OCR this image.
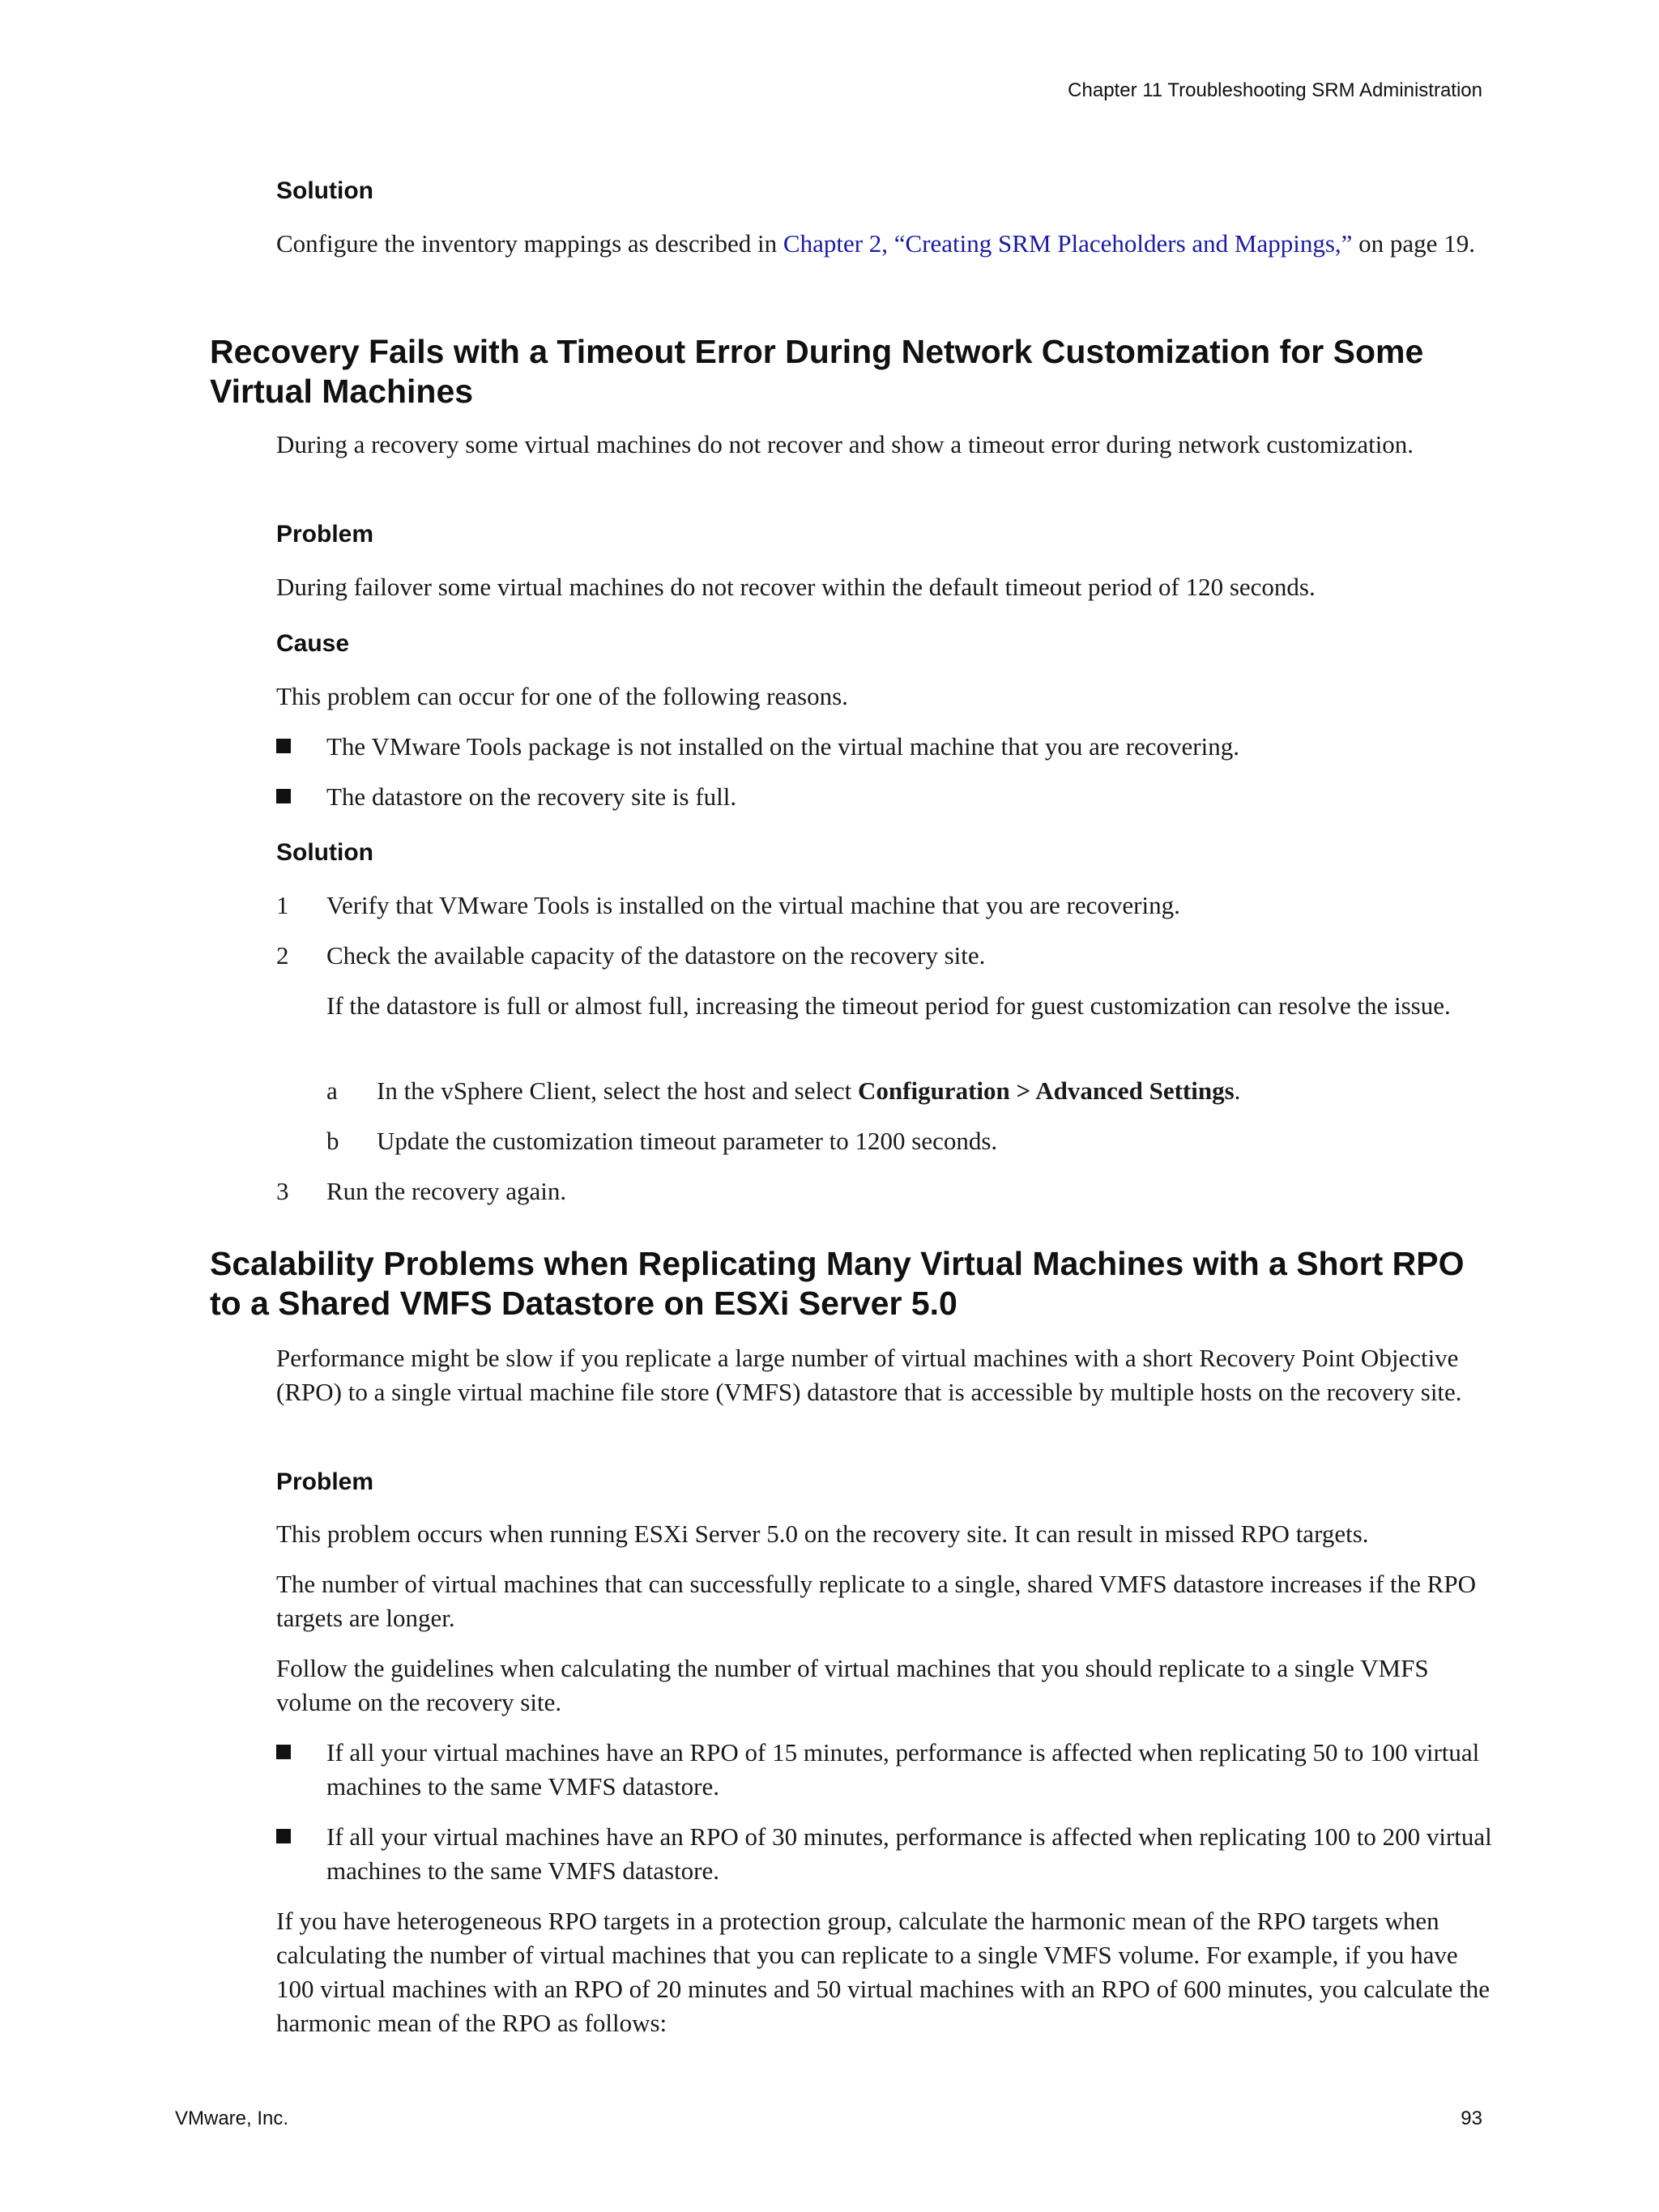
Chapter 11 Troubleshooting SRM Administration
Solution
Configure the inventory mappings as described in Chapter 2, “Creating SRM Placeholders and Mappings,” on page 19.
Recovery Fails with a Timeout Error During Network Customization for Some Virtual Machines
During a recovery some virtual machines do not recover and show a timeout error during network customization.
Problem
During failover some virtual machines do not recover within the default timeout period of 120 seconds.
Cause
This problem can occur for one of the following reasons.
The VMware Tools package is not installed on the virtual machine that you are recovering.
The datastore on the recovery site is full.
Solution
1 Verify that VMware Tools is installed on the virtual machine that you are recovering.
2 Check the available capacity of the datastore on the recovery site.
If the datastore is full or almost full, increasing the timeout period for guest customization can resolve the issue.
a In the vSphere Client, select the host and select Configuration > Advanced Settings.
b Update the customization timeout parameter to 1200 seconds.
3 Run the recovery again.
Scalability Problems when Replicating Many Virtual Machines with a Short RPO to a Shared VMFS Datastore on ESXi Server 5.0
Performance might be slow if you replicate a large number of virtual machines with a short Recovery Point Objective (RPO) to a single virtual machine file store (VMFS) datastore that is accessible by multiple hosts on the recovery site.
Problem
This problem occurs when running ESXi Server 5.0 on the recovery site. It can result in missed RPO targets.
The number of virtual machines that can successfully replicate to a single, shared VMFS datastore increases if the RPO targets are longer.
Follow the guidelines when calculating the number of virtual machines that you should replicate to a single VMFS volume on the recovery site.
If all your virtual machines have an RPO of 15 minutes, performance is affected when replicating 50 to 100 virtual machines to the same VMFS datastore.
If all your virtual machines have an RPO of 30 minutes, performance is affected when replicating 100 to 200 virtual machines to the same VMFS datastore.
If you have heterogeneous RPO targets in a protection group, calculate the harmonic mean of the RPO targets when calculating the number of virtual machines that you can replicate to a single VMFS volume. For example, if you have 100 virtual machines with an RPO of 20 minutes and 50 virtual machines with an RPO of 600 minutes, you calculate the harmonic mean of the RPO as follows:
VMware, Inc.	93
